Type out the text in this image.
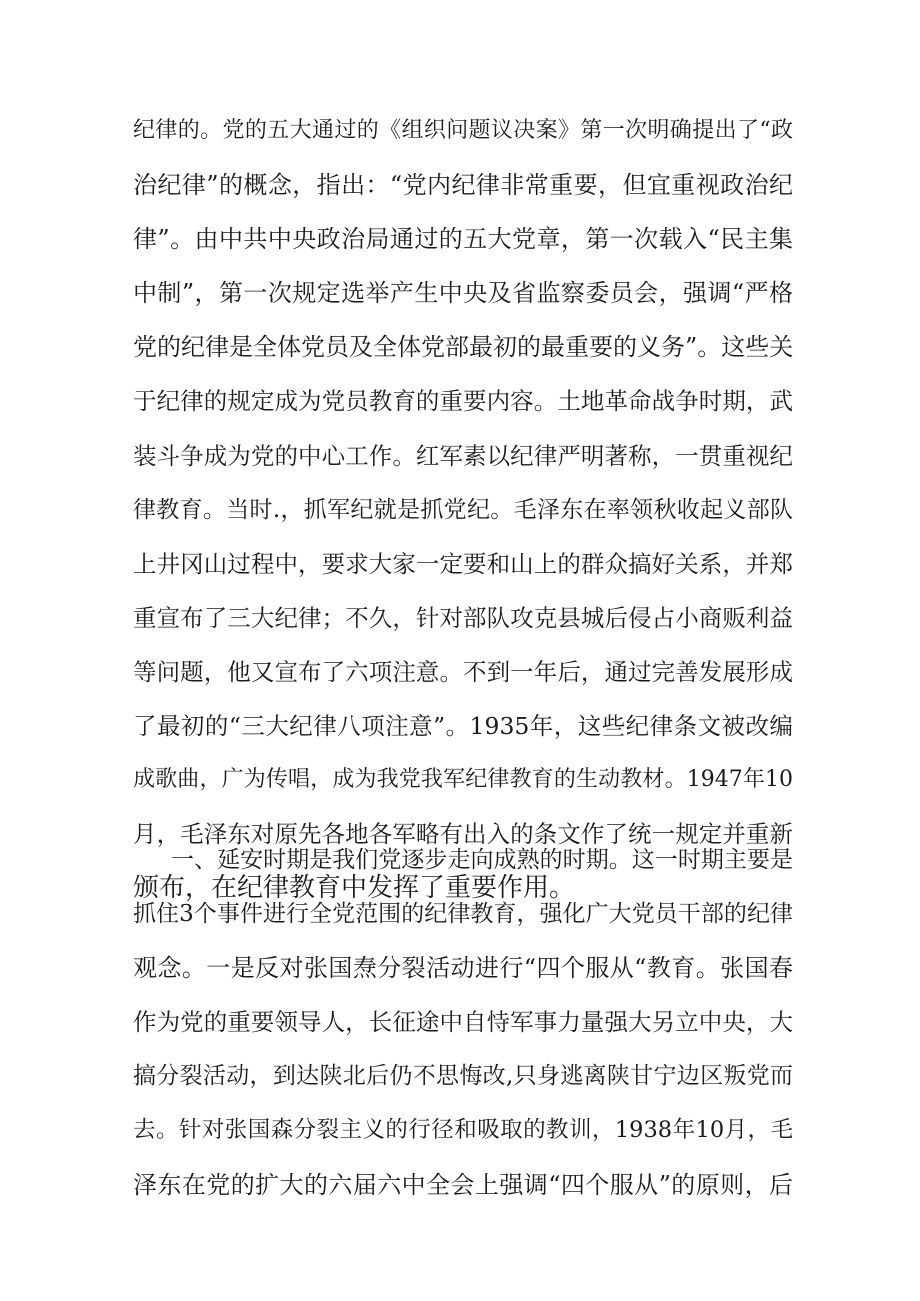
纪律的。党的五大通过的《组织问题议决案》第一次明确提出了“政
治纪律”的概念，指出：“党内纪律非常重要，但宜重视政治纪
律”。由中共中央政治局通过的五大党章，第一次载入“民主集
中制”，第一次规定选举产生中央及省监察委员会，强调“严格
党的纪律是全体党员及全体党部最初的最重要的义务”。这些关
于纪律的规定成为党员教育的重要内容。土地革命战争时期，武
装斗争成为党的中心工作。红军素以纪律严明著称，一贯重视纪
律教育。当时.，抓军纪就是抓党纪。毛泽东在率领秋收起义部队
上井冈山过程中，要求大家一定要和山上的群众搞好关系，并郑
重宣布了三大纪律；不久，针对部队攻克县城后侵占小商贩利益
等问题，他又宣布了六项注意。不到一年后，通过完善发展形成
了最初的“三大纪律八项注意”。1935年，这些纪律条文被改编
成歌曲，广为传唱，成为我党我军纪律教育的生动教材。1947年10
月，毛泽东对原先各地各军略有出入的条文作了统一规定并重新
颁布，在纪律教育中发挥了重要作用。
一、延安时期是我们党逐步走向成熟的时期。这一时期主要是
抓住3个事件进行全党范围的纪律教育，强化广大党员干部的纪律
观念。一是反对张国焘分裂活动进行“四个服从“教育。张国春
作为党的重要领导人，长征途中自恃军事力量强大另立中央，大
搞分裂活动，到达陕北后仍不思悔改,只身逃离陕甘宁边区叛党而
去。针对张国森分裂主义的行径和吸取的教训，1938年10月，毛
泽东在党的扩大的六届六中全会上强调“四个服从”的原则，后
